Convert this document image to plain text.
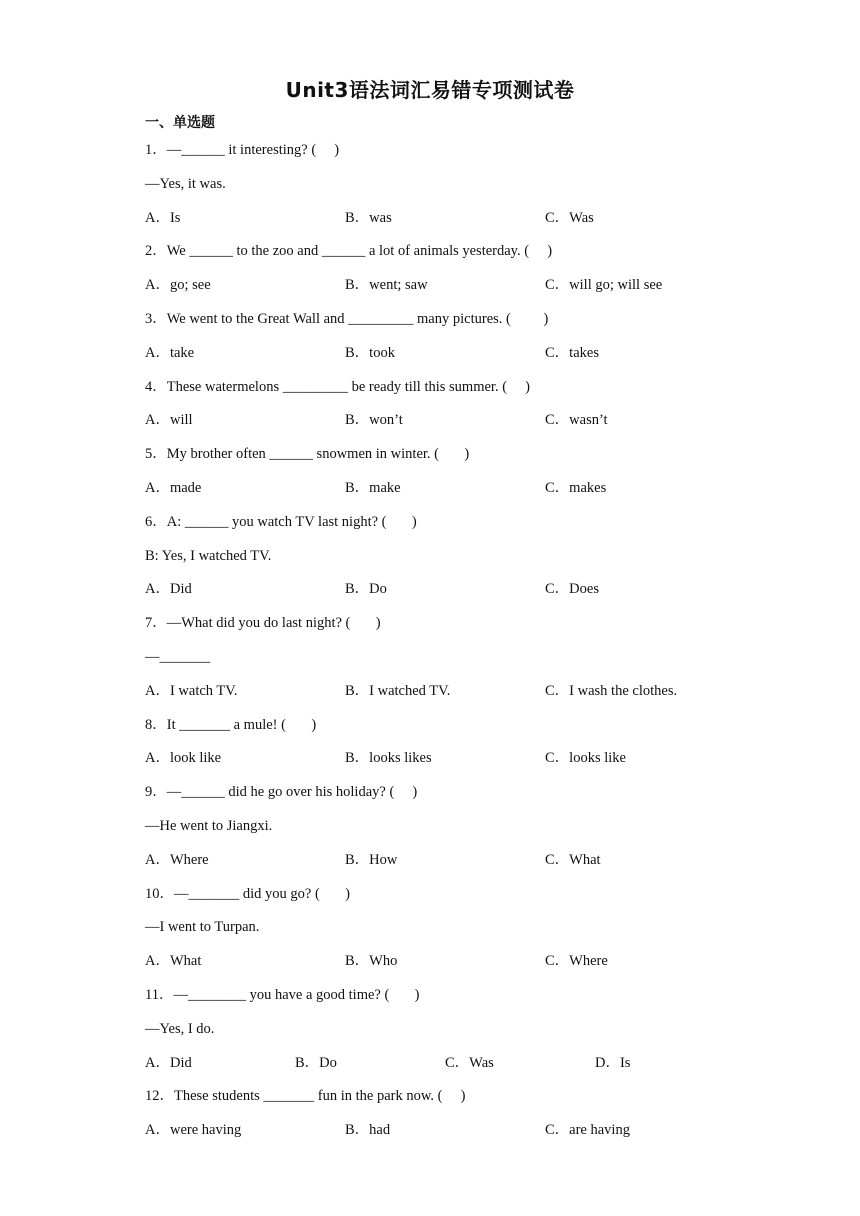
Unit3语法词汇易错专项测试卷
一、单选题
1．—______ it interesting? (     )
—Yes, it was.
A．Is	B．was	C．Was
2．We ______ to the zoo and ______ a lot of animals yesterday. (     )
A．go; see	B．went; saw	C．will go; will see
3．We went to the Great Wall and _________ many pictures. (         )
A．take	B．took	C．takes
4．These watermelons _________ be ready till this summer. (     )
A．will	B．won’t	C．wasn’t
5．My brother often ______ snowmen in winter. (       )
A．made	B．make	C．makes
6．A: ______ you watch TV last night? (       )
B: Yes, I watched TV.
A．Did	B．Do	C．Does
7．—What did you do last night? (       )
—_______
A．I watch TV.	B．I watched TV.	C．I wash the clothes.
8．It _______ a mule! (       )
A．look like	B．looks likes	C．looks like
9．—______ did he go over his holiday? (     )
—He went to Jiangxi.
A．Where	B．How	C．What
10．—_______ did you go? (       )
—I went to Turpan.
A．What	B．Who	C．Where
11．—________ you have a good time? (       )
—Yes, I do.
A．Did	B．Do	C．Was	D．Is
12．These students _______ fun in the park now. (     )
A．were having	B．had	C．are having
